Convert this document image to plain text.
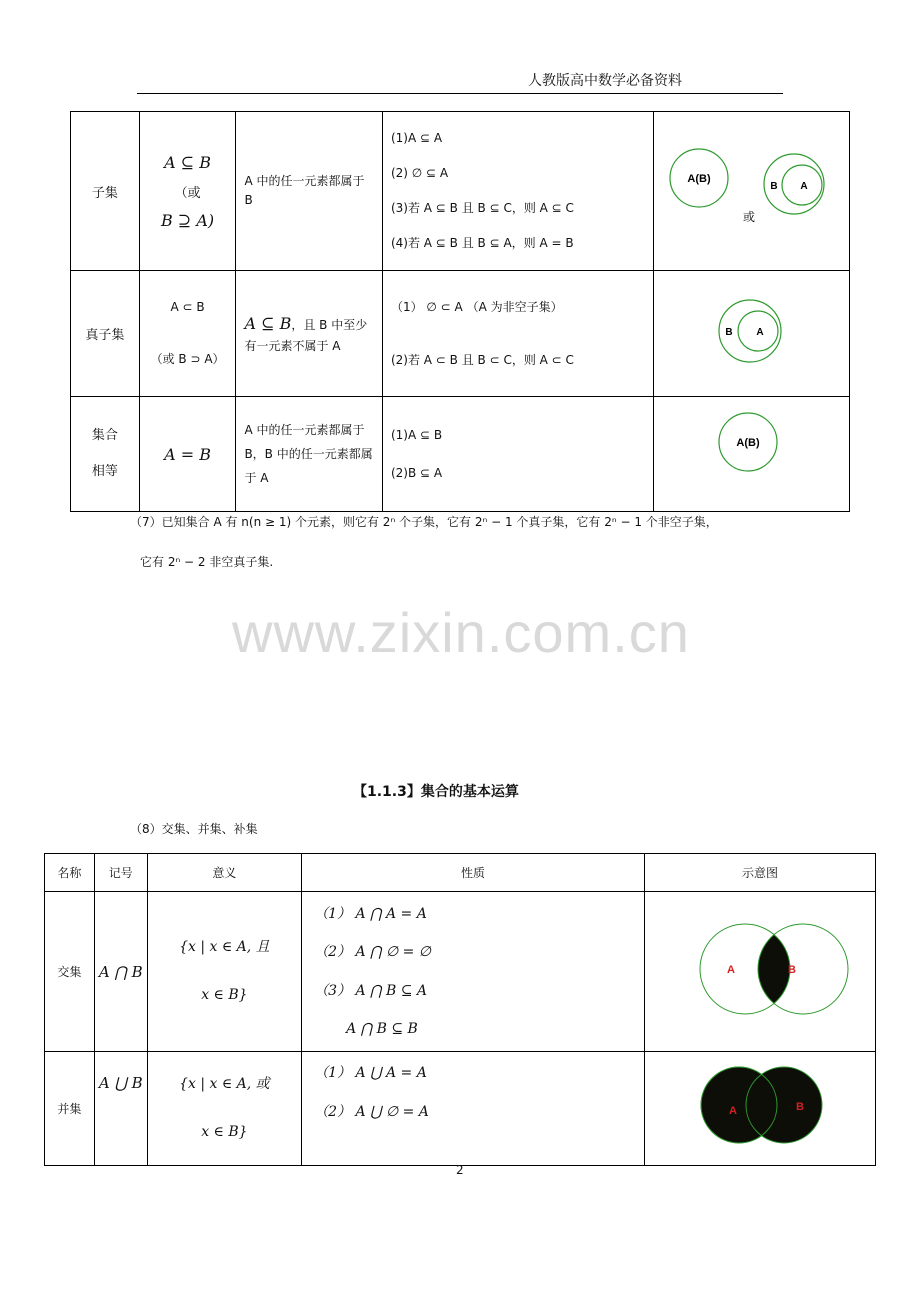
人教版高中数学必备资料
子集	A ⊆ B
（或
B ⊇ A)	A 中的任一元素都属于 B	(1)A ⊆ A
(2) ∅ ⊆ A
(3)若 A ⊆ B 且 B ⊆ C，则 A ⊆ C
(4)若 A ⊆ B 且 B ⊆ A，则 A = B	A(B)
B A
或

真子集	A ⊂ B
（或 B ⊃ A）	A ⊆ B，且 B 中至少有一元素不属于 A	（1） ∅ ⊂ A （A 为非空子集）
(2)若 A ⊂ B 且 B ⊂ C，则 A ⊂ C	B A

集合
相等	A = B	A 中的任一元素都属于 B，B 中的任一元素都属于 A	(1)A ⊆ B
(2)B ⊆ A	A(B)
（7）已知集合 A 有 n(n ≥ 1) 个元素，则它有 2ⁿ 个子集，它有 2ⁿ − 1 个真子集，它有 2ⁿ − 1 个非空子集，
它有 2ⁿ − 2 非空真子集.
www.zixin.com.cn
【1.1.3】集合的基本运算
（8）交集、并集、补集
名称	记号	意义	性质	示意图
交集	A ⋂ B	{x | x ∈ A, 且
x ∈ B}	（1） A ⋂ A = A
（2） A ⋂ ∅ = ∅
（3） A ⋂ B ⊆ A
A ⋂ B ⊆ B	A B

并集	A ⋃ B	{x | x ∈ A, 或
x ∈ B}	（1） A ⋃ A = A
（2） A ⋃ ∅ = A	A B
2
